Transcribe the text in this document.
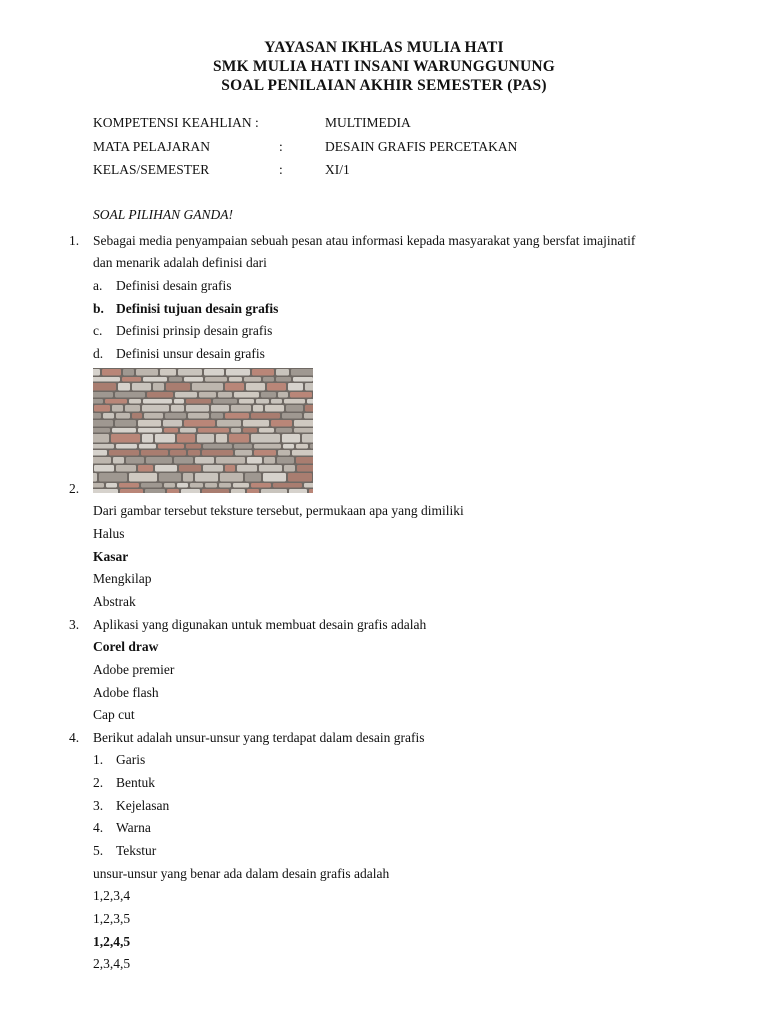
YAYASAN IKHLAS MULIA HATI
SMK MULIA HATI INSANI WARUNGGUNUNG
SOAL PENILAIAN AKHIR SEMESTER (PAS)
KOMPETENSI KEAHLIAN :	MULTIMEDIA
MATA PELAJARAN	:	DESAIN GRAFIS PERCETAKAN
KELAS/SEMESTER	:	XI/1
SOAL PILIHAN GANDA!
1. Sebagai media penyampaian sebuah pesan atau informasi kepada masyarakat yang bersfat imajinatif
dan menarik adalah definisi dari
a. Definisi desain grafis
b. Definisi tujuan desain grafis
c. Definisi prinsip desain grafis
d. Definisi unsur desain grafis
2.
Dari gambar tersebut teksture tersebut, permukaan apa yang dimiliki
Halus
Kasar
Mengkilap
Abstrak
3. Aplikasi yang digunakan untuk membuat desain grafis adalah
Corel draw
Adobe premier
Adobe flash
Cap cut
4. Berikut adalah unsur-unsur yang terdapat dalam desain grafis
1. Garis
2. Bentuk
3. Kejelasan
4. Warna
5. Tekstur
unsur-unsur yang benar ada dalam desain grafis adalah
1,2,3,4
1,2,3,5
1,2,4,5
2,3,4,5
